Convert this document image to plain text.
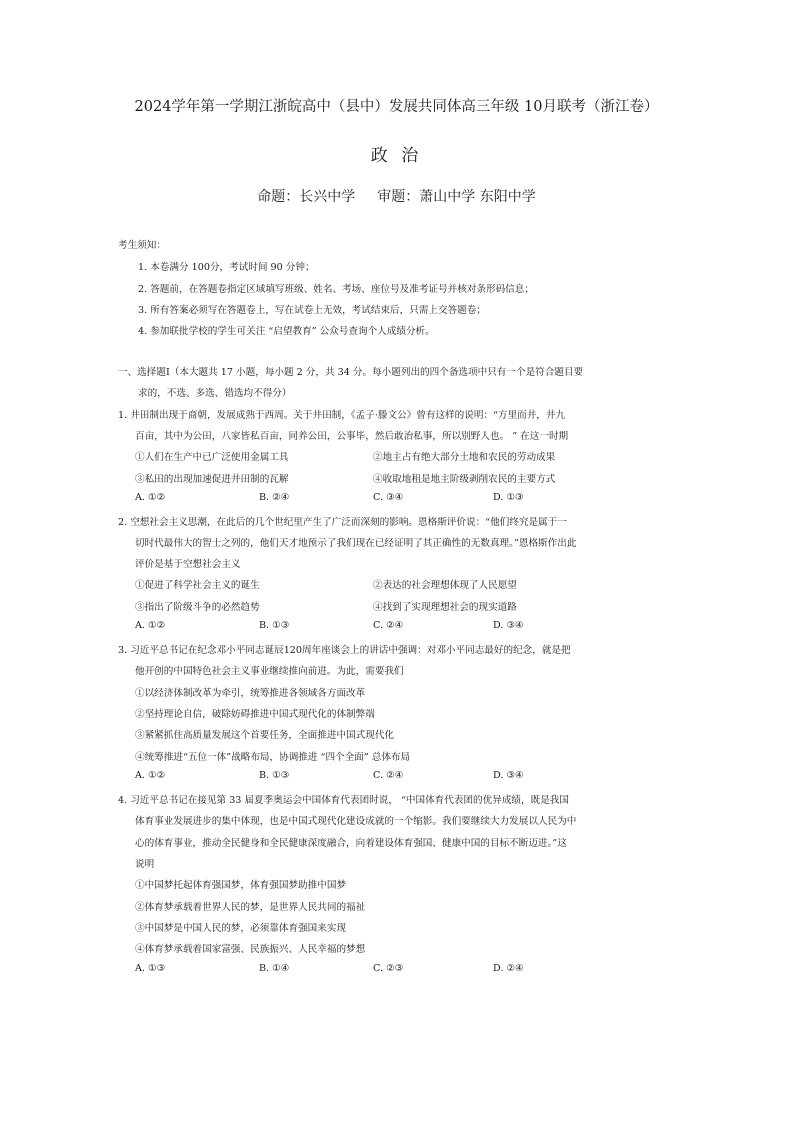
2024学年第一学期江浙皖高中（县中）发展共同体高三年级 10月联考（浙江卷）
政 治
命题：长兴中学 审题：萧山中学 东阳中学
考生须知：
1. 本卷满分 100分，考试时间 90 分钟；
2. 答题前，在答题卷指定区域填写班级、姓名、考场、座位号及准考证号并核对条形码信息；
3. 所有答案必须写在答题卷上，写在试卷上无效，考试结束后，只需上交答题卷；
4. 参加联批学校的学生可关注 “启望教育” 公众号查询个人成绩分析。
一、选择题Ⅰ（本大题共 17 小题，每小题 2 分，共 34 分。每小题列出的四个备选项中只有一个是符合题目要
求的，不选、多选、错选均不得分）
1. 井田制出现于商朝，发展成熟于西周。关于井田制，《孟子·滕文公》曾有这样的说明：“方里而井，井九
百亩，其中为公田，八家皆私百亩，同养公田，公事毕，然后敢治私事，所以别野人也。 ” 在这一时期
①人们在生产中已广泛使用金属工具	②地主占有绝大部分土地和农民的劳动成果
③私田的出现加速促进井田制的瓦解	④收取地租是地主阶级剥削农民的主要方式
A. ①②	B. ②④	C. ③④	D. ①③
2. 空想社会主义思潮，在此后的几个世纪里产生了广泛而深刻的影响。恩格斯评价说：“他们终究是属于一
切时代最伟大的智士之列的，他们天才地预示了我们现在已经证明了其正确性的无数真理。”恩格斯作出此
评价是基于空想社会主义
①促进了科学社会主义的诞生	②表达的社会理想体现了人民愿望
③指出了阶级斗争的必然趋势	④找到了实现理想社会的现实道路
A. ①②	B. ①③	C. ②④	D. ③④
3. 习近平总书记在纪念邓小平同志诞辰120周年座谈会上的讲话中强调：对邓小平同志最好的纪念，就是把
他开创的中国特色社会主义事业继续推向前进。为此，需要我们
①以经济体制改革为牵引，统筹推进各领域各方面改革
②坚持理论自信，破除妨碍推进中国式现代化的体制弊端
③紧紧抓住高质量发展这个首要任务，全面推进中国式现代化
④统筹推进“五位一体”战略布局，协调推进 “四个全面” 总体布局
A. ①②	B. ①③	C. ②④	D. ③④
4. 习近平总书记在接见第 33 届夏季奥运会中国体育代表团时说， “中国体育代表团的优异成绩，既是我国
体育事业发展进步的集中体现，也是中国式现代化建设成就的一个缩影。我们要继续大力发展以人民为中
心的体育事业，推动全民健身和全民健康深度融合，向着建设体育强国、健康中国的目标不断迈进。”这
说明
①中国梦托起体育强国梦，体育强国梦助推中国梦
②体育梦承载着世界人民的梦，是世界人民共同的福祉
③中国梦是中国人民的梦，必须靠体育强国来实现
④体育梦承载着国家富强、民族振兴、人民幸福的梦想
A. ①③	B. ①④	C. ②③	D. ②④
